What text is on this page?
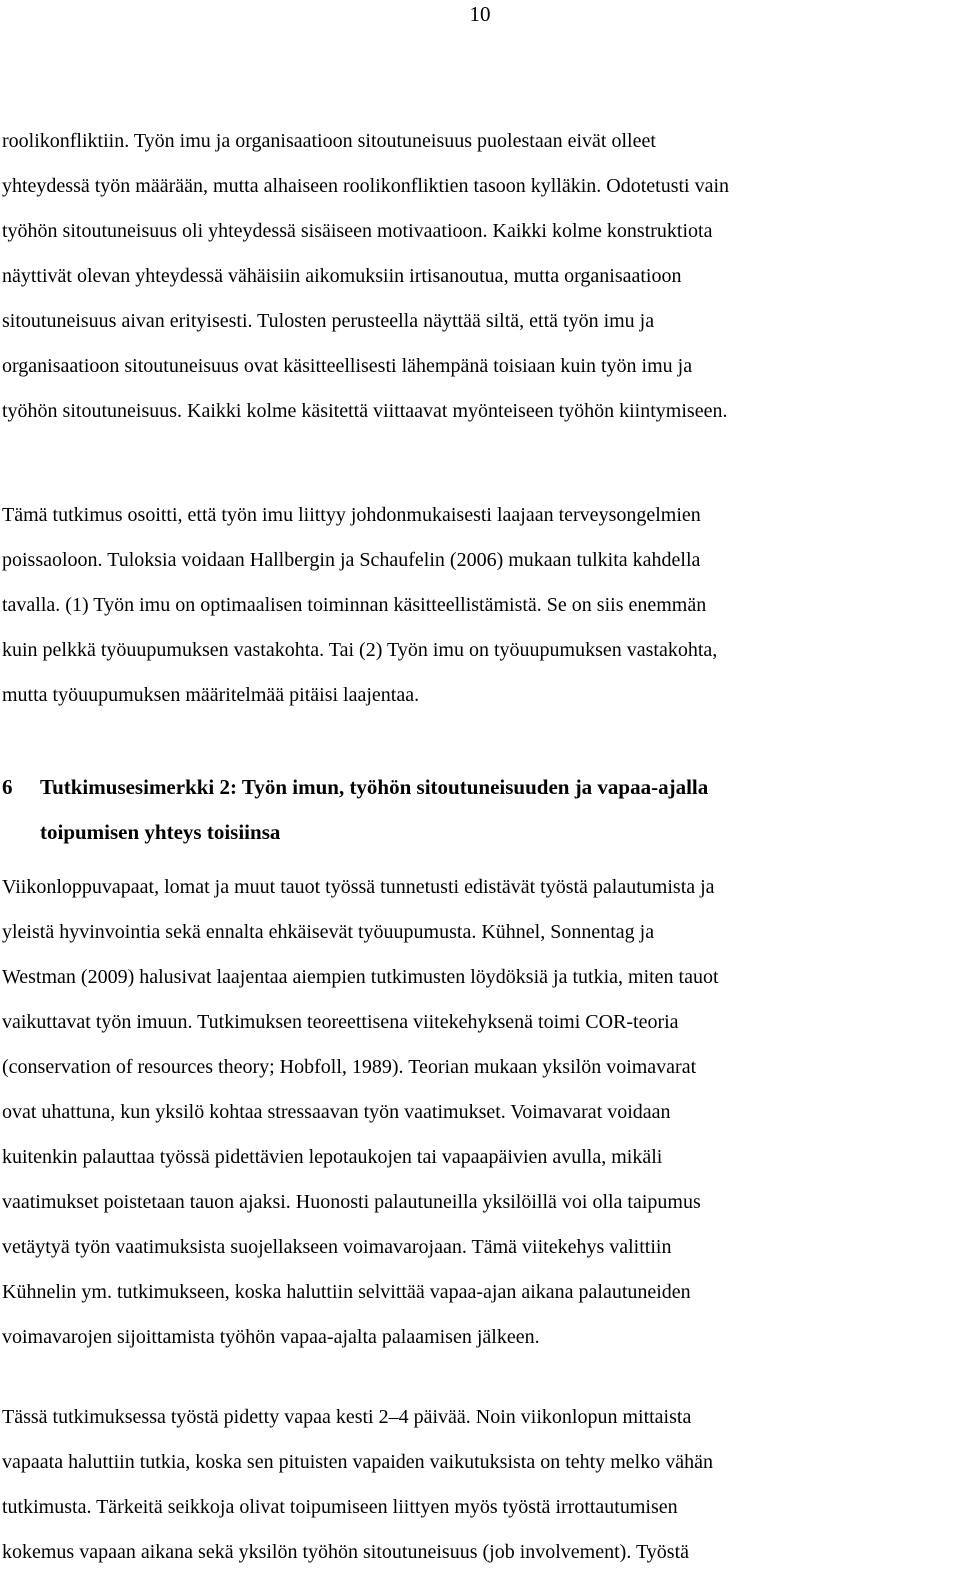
10
roolikonfliktiin. Työn imu ja organisaatioon sitoutuneisuus puolestaan eivät olleet
yhteydessä työn määrään, mutta alhaiseen roolikonfliktien tasoon kylläkin. Odotetusti vain
työhön sitoutuneisuus oli yhteydessä sisäiseen motivaatioon. Kaikki kolme konstruktiota
näyttivät olevan yhteydessä vähäisiin aikomuksiin irtisanoutua, mutta organisaatioon
sitoutuneisuus aivan erityisesti. Tulosten perusteella näyttää siltä, että työn imu ja
organisaatioon sitoutuneisuus ovat käsitteellisesti lähempänä toisiaan kuin työn imu ja
työhön sitoutuneisuus. Kaikki kolme käsitettä viittaavat myönteiseen työhön kiintymiseen.
Tämä tutkimus osoitti, että työn imu liittyy johdonmukaisesti laajaan terveysongelmien
poissaoloon. Tuloksia voidaan Hallbergin ja Schaufelin (2006) mukaan tulkita kahdella
tavalla. (1) Työn imu on optimaalisen toiminnan käsitteellistämistä. Se on siis enemmän
kuin pelkkä työuupumuksen vastakohta. Tai (2) Työn imu on työuupumuksen vastakohta,
mutta työuupumuksen määritelmää pitäisi laajentaa.
6	Tutkimusesimerkki 2: Työn imun, työhön sitoutuneisuuden ja vapaa-ajalla
toipumisen yhteys toisiinsa
Viikonloppuvapaat, lomat ja muut tauot työssä tunnetusti edistävät työstä palautumista ja
yleistä hyvinvointia sekä ennalta ehkäisevät työuupumusta. Kühnel, Sonnentag ja
Westman (2009) halusivat laajentaa aiempien tutkimusten löydöksiä ja tutkia, miten tauot
vaikuttavat työn imuun. Tutkimuksen teoreettisena viitekehyksenä toimi COR-teoria
(conservation of resources theory; Hobfoll, 1989). Teorian mukaan yksilön voimavarat
ovat uhattuna, kun yksilö kohtaa stressaavan työn vaatimukset. Voimavarat voidaan
kuitenkin palauttaa työssä pidettävien lepotaukojen tai vapaapäivien avulla, mikäli
vaatimukset poistetaan tauon ajaksi. Huonosti palautuneilla yksilöillä voi olla taipumus
vetäytyä työn vaatimuksista suojellakseen voimavarojaan. Tämä viitekehys valittiin
Kühnelin ym. tutkimukseen, koska haluttiin selvittää vapaa-ajan aikana palautuneiden
voimavarojen sijoittamista työhön vapaa-ajalta palaamisen jälkeen.
Tässä tutkimuksessa työstä pidetty vapaa kesti 2–4 päivää. Noin viikonlopun mittaista
vapaata haluttiin tutkia, koska sen pituisten vapaiden vaikutuksista on tehty melko vähän
tutkimusta. Tärkeitä seikkoja olivat toipumiseen liittyen myös työstä irrottautumisen
kokemus vapaan aikana sekä yksilön työhön sitoutuneisuus (job involvement). Työstä
